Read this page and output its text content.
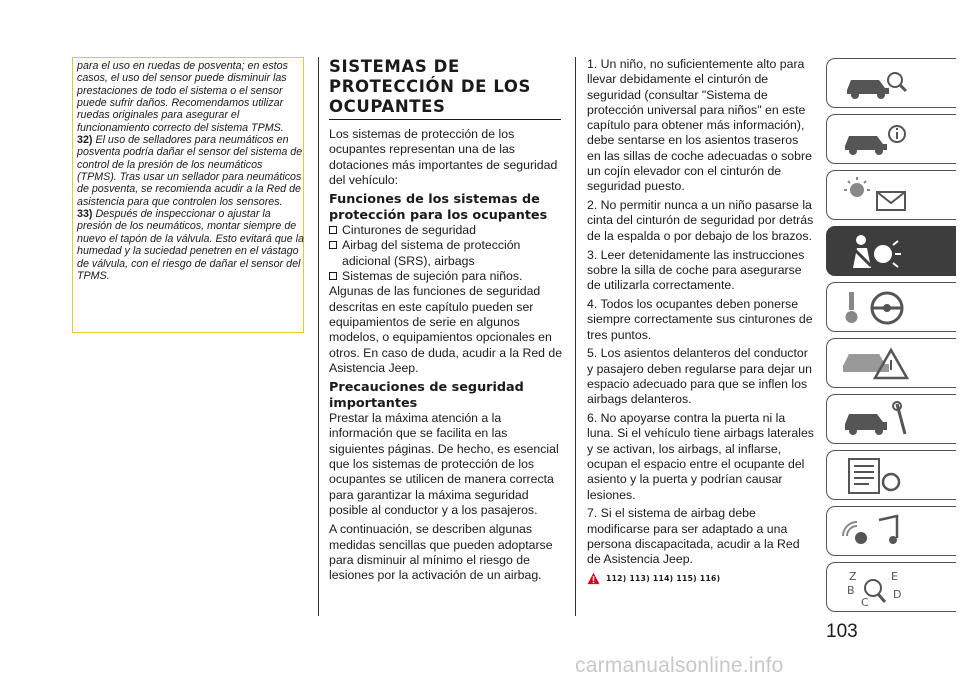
para el uso en ruedas de posventa; en estos casos, el uso del sensor puede disminuir las prestaciones de todo el sistema o el sensor puede sufrir daños. Recomendamos utilizar ruedas originales para asegurar el funcionamiento correcto del sistema TPMS.

32) El uso de selladores para neumáticos en posventa podría dañar el sensor del sistema de control de la presión de los neumáticos (TPMS). Tras usar un sellador para neumáticos de posventa, se recomienda acudir a la Red de asistencia para que controlen los sensores.

33) Después de inspeccionar o ajustar la presión de los neumáticos, montar siempre de nuevo el tapón de la válvula. Esto evitará que la humedad y la suciedad penetren en el vástago de válvula, con el riesgo de dañar el sensor del TPMS.

SISTEMAS DE PROTECCIÓN DE LOS OCUPANTES

Los sistemas de protección de los ocupantes representan una de las dotaciones más importantes de seguridad del vehículo:

Funciones de los sistemas de protección para los ocupantes
Cinturones de seguridad
Airbag del sistema de protección adicional (SRS), airbags
Sistemas de sujeción para niños.

Algunas de las funciones de seguridad descritas en este capítulo pueden ser equipamientos de serie en algunos modelos, o equipamientos opcionales en otros. En caso de duda, acudir a la Red de Asistencia Jeep.

Precauciones de seguridad importantes

Prestar la máxima atención a la información que se facilita en las siguientes páginas. De hecho, es esencial que los sistemas de protección de los ocupantes se utilicen de manera correcta para garantizar la máxima seguridad posible al conductor y a los pasajeros.

A continuación, se describen algunas medidas sencillas que pueden adoptarse para disminuir al mínimo el riesgo de lesiones por la activación de un airbag.

1. Un niño, no suficientemente alto para llevar debidamente el cinturón de seguridad (consultar "Sistema de protección universal para niños" en este capítulo para obtener más información), debe sentarse en los asientos traseros en las sillas de coche adecuadas o sobre un cojín elevador con el cinturón de seguridad puesto.

2. No permitir nunca a un niño pasarse la cinta del cinturón de seguridad por detrás de la espalda o por debajo de los brazos.

3. Leer detenidamente las instrucciones sobre la silla de coche para asegurarse de utilizarla correctamente.

4. Todos los ocupantes deben ponerse siempre correctamente sus cinturones de tres puntos.

5. Los asientos delanteros del conductor y pasajero deben regularse para dejar un espacio adecuado para que se inflen los airbags delanteros.

6. No apoyarse contra la puerta ni la luna. Si el vehículo tiene airbags laterales y se activan, los airbags, al inflarse, ocupan el espacio entre el ocupante del asiento y la puerta y podrían causar lesiones.

7. Si el sistema de airbag debe modificarse para ser adaptado a una persona discapacitada, acudir a la Red de Asistencia Jeep.

112) 113) 114) 115) 116)	Z	E
B	D
C
103
carmanualsonline.info
